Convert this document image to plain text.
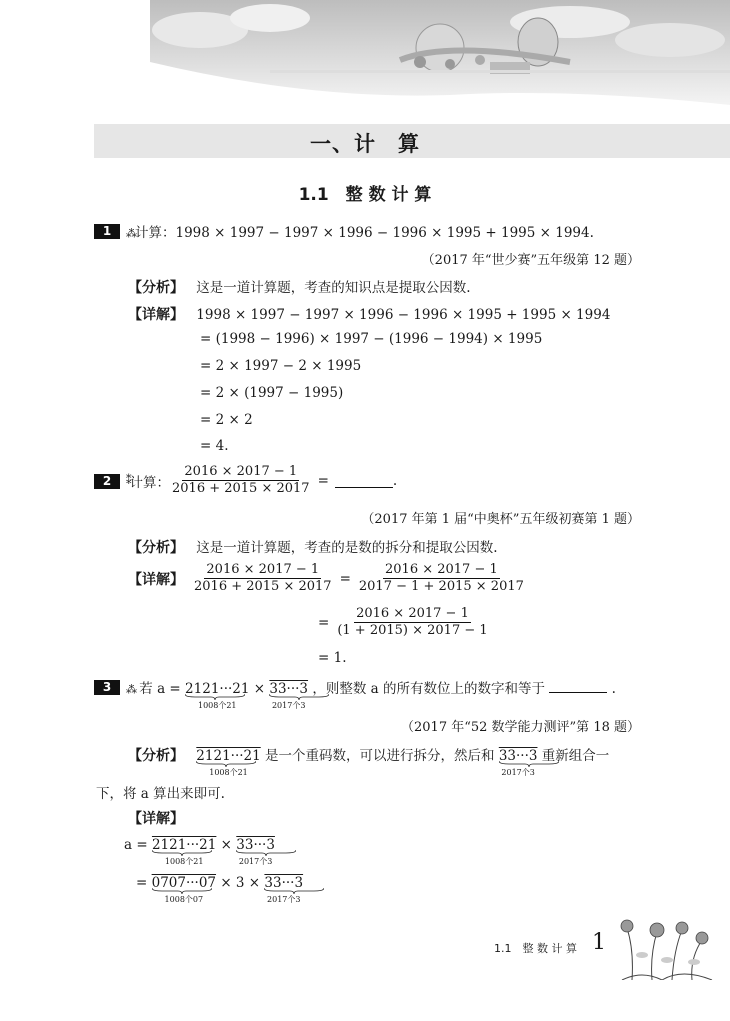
一、计　算
1.1　整 数 计 算
1	⁂计算：1998 × 1997 − 1997 × 1996 − 1996 × 1995 + 1995 × 1994.
（2017 年“世少赛”五年级第 12 题）
【分析】 这是一道计算题，考查的知识点是提取公因数.
【详解】 1998 × 1997 − 1997 × 1996 − 1996 × 1995 + 1995 × 1994
= (1998 − 1996) × 1997 − (1996 − 1994) × 1995
= 2 × 1997 − 2 × 1995
= 2 × (1997 − 1995)
= 2 × 2
= 4.
2	⁑ 计算： $\frac{2016 \times 2017 - 1}{2016 + 2015 \times 2017}$ =	.
（2017 年第 1 届“中奥杯”五年级初赛第 1 题）
【分析】 这是一道计算题，考查的是数的拆分和提取公因数.
【详解】 $\frac{2016 \times 2017 - 1}{2016 + 2015 \times 2017} = \frac{2016 \times 2017 - 1}{2017 - 1 + 2015 \times 2017}$
= $\frac{2016 \times 2017 - 1}{(1 + 2015) \times 2017 - 1}$
= 1.
3	⁂ 若 a = 2121···21
1008个21
× 33···3
2017个3
，则整数 a 的所有数位上的数字和等于	.
（2017 年“52 数学能力测评”第 18 题）
【分析】 2121···21
1008个21
是一个重码数，可以进行拆分，然后和 33···3
2017个3
重新组合一
下，将 a 算出来即可.
【详解】
a = 2121···21
1008个21
× 33···3
2017个3
= 0707···07
1008个07
× 3 × 33···3
2017个3
1.1　整 数 计 算 1
